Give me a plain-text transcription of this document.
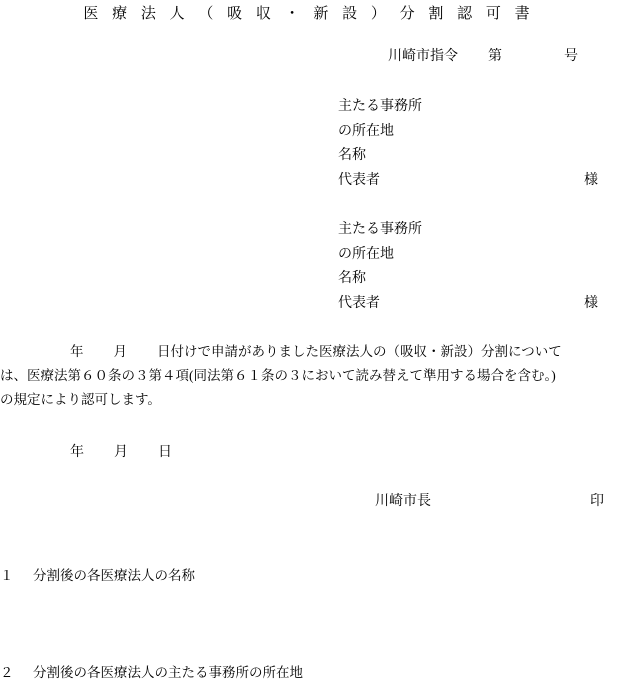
医 療 法 人 （ 吸 収 ・ 新 設 ） 分 割 認 可 書
川崎市指令 第	号
主たる事務所
の所在地
名称
代表者	様
主たる事務所
の所在地
名称
代表者	様
年 月 日付けで申請がありました医療法人の（吸収・新設）分割について
は、医療法第６０条の３第４項(同法第６１条の３において読み替えて準用する場合を含む。)
の規定により認可します。
年 月 日
川崎市長	印
１ 分割後の各医療法人の名称
２ 分割後の各医療法人の主たる事務所の所在地
